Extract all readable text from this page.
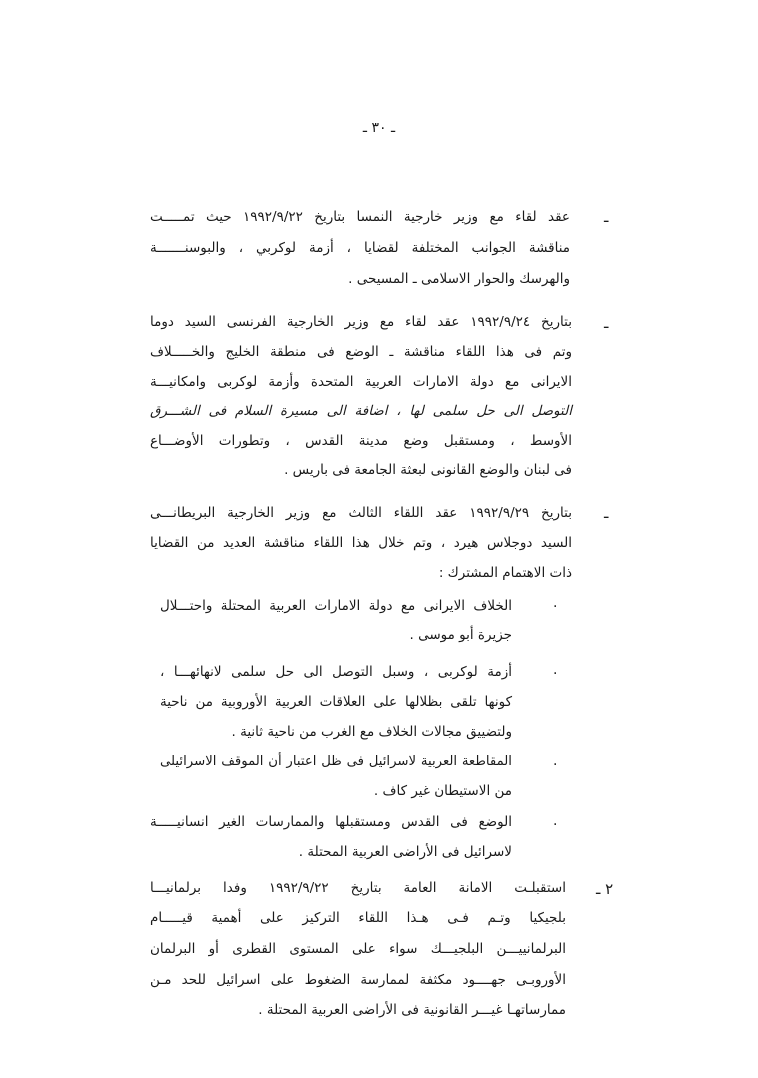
ـ ٣٠ ـ
ـ
عقد لقاء مع وزير خارجية النمسا بتاريخ ١٩٩٢/٩/٢٢ حيث تمـــــت
مناقشة الجوانب المختلفة لقضايا ، أزمة لوكربي ، والبوسنـــــــة
والهرسك والحوار الاسلامى ـ المسيحى .
ـ
بتاريخ ١٩٩٢/٩/٢٤ عقد لقاء مع وزير الخارجية الفرنسى السيد دوما
وتم فى هذا اللقاء مناقشة ـ الوضع فى منطقة الخليج والخـــــلاف
الايرانى مع دولة الامارات العربية المتحدة وأزمة لوكربى وامكانيـــة
التوصل الى حل سلمى لها ، اضافة الى مسيرة السلام فى الشـــرق
الأوسط ، ومستقبل وضع مدينة القدس ، وتطورات الأوضـــاع
فى لبنان والوضع القانونى لبعثة الجامعة فى باريس .
ـ
بتاريخ ١٩٩٢/٩/٢٩ عقد اللقاء الثالث مع وزير الخارجية البريطانـــى
السيد دوجلاس هيرد ، وتم خلال هذا اللقاء مناقشة العديد من القضايا
ذات الاهتمام المشترك :
·
الخلاف الايرانى مع دولة الامارات العربية المحتلة واحتـــلال
جزيرة أبو موسى .
·
أزمة لوكربى ، وسبل التوصل الى حل سلمى لانهائهـــا ،
كونها تلقى بظلالها على العلاقات العربية الأوروبية من ناحية
ولتضييق مجالات الخلاف مع الغرب من ناحية ثانية .
·
المقاطعة العربية لاسرائيل فى ظل اعتبار أن الموقف الاسرائيلى
من الاستيطان غير كاف .
·
الوضع فى القدس ومستقبلها والممارسات الغير انسانيـــــة
لاسرائيل فى الأراضى العربية المحتلة .
٢ ـ
استقبلـت الامانة العامة بتاريخ ١٩٩٢/٩/٢٢ وفدا برلمانيـــا
بلجيكيا وتـم فـى هـذا اللقاء التركيز على أهمية قيـــــام
البرلمانييـــن البلجيـــك سواء على المستوى القطرى أو البرلمان
الأوروبـى جهــــود مكثفة لممارسة الضغوط على اسرائيل للحد مـن
ممارساتهـا غيـــر القانونية فى الأراضى العربية المحتلة .
